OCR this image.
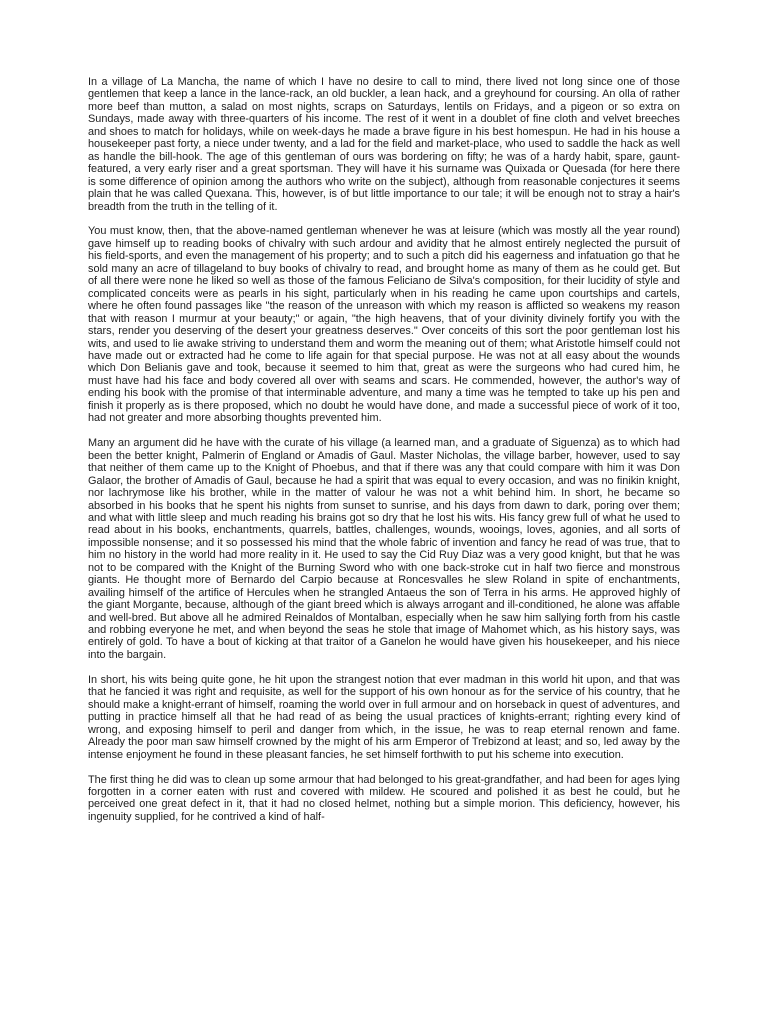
In a village of La Mancha, the name of which I have no desire to call to mind, there lived not long since one of those gentlemen that keep a lance in the lance-rack, an old buckler, a lean hack, and a greyhound for coursing. An olla of rather more beef than mutton, a salad on most nights, scraps on Saturdays, lentils on Fridays, and a pigeon or so extra on Sundays, made away with three-quarters of his income. The rest of it went in a doublet of fine cloth and velvet breeches and shoes to match for holidays, while on week-days he made a brave figure in his best homespun. He had in his house a housekeeper past forty, a niece under twenty, and a lad for the field and market-place, who used to saddle the hack as well as handle the bill-hook. The age of this gentleman of ours was bordering on fifty; he was of a hardy habit, spare, gaunt-featured, a very early riser and a great sportsman. They will have it his surname was Quixada or Quesada (for here there is some difference of opinion among the authors who write on the subject), although from reasonable conjectures it seems plain that he was called Quexana. This, however, is of but little importance to our tale; it will be enough not to stray a hair's breadth from the truth in the telling of it.

You must know, then, that the above-named gentleman whenever he was at leisure (which was mostly all the year round) gave himself up to reading books of chivalry with such ardour and avidity that he almost entirely neglected the pursuit of his field-sports, and even the management of his property; and to such a pitch did his eagerness and infatuation go that he sold many an acre of tillageland to buy books of chivalry to read, and brought home as many of them as he could get. But of all there were none he liked so well as those of the famous Feliciano de Silva's composition, for their lucidity of style and complicated conceits were as pearls in his sight, particularly when in his reading he came upon courtships and cartels, where he often found passages like "the reason of the unreason with which my reason is afflicted so weakens my reason that with reason I murmur at your beauty;" or again, "the high heavens, that of your divinity divinely fortify you with the stars, render you deserving of the desert your greatness deserves." Over conceits of this sort the poor gentleman lost his wits, and used to lie awake striving to understand them and worm the meaning out of them; what Aristotle himself could not have made out or extracted had he come to life again for that special purpose. He was not at all easy about the wounds which Don Belianis gave and took, because it seemed to him that, great as were the surgeons who had cured him, he must have had his face and body covered all over with seams and scars. He commended, however, the author's way of ending his book with the promise of that interminable adventure, and many a time was he tempted to take up his pen and finish it properly as is there proposed, which no doubt he would have done, and made a successful piece of work of it too, had not greater and more absorbing thoughts prevented him.

Many an argument did he have with the curate of his village (a learned man, and a graduate of Siguenza) as to which had been the better knight, Palmerin of England or Amadis of Gaul. Master Nicholas, the village barber, however, used to say that neither of them came up to the Knight of Phoebus, and that if there was any that could compare with him it was Don Galaor, the brother of Amadis of Gaul, because he had a spirit that was equal to every occasion, and was no finikin knight, nor lachrymose like his brother, while in the matter of valour he was not a whit behind him. In short, he became so absorbed in his books that he spent his nights from sunset to sunrise, and his days from dawn to dark, poring over them; and what with little sleep and much reading his brains got so dry that he lost his wits. His fancy grew full of what he used to read about in his books, enchantments, quarrels, battles, challenges, wounds, wooings, loves, agonies, and all sorts of impossible nonsense; and it so possessed his mind that the whole fabric of invention and fancy he read of was true, that to him no history in the world had more reality in it. He used to say the Cid Ruy Diaz was a very good knight, but that he was not to be compared with the Knight of the Burning Sword who with one back-stroke cut in half two fierce and monstrous giants. He thought more of Bernardo del Carpio because at Roncesvalles he slew Roland in spite of enchantments, availing himself of the artifice of Hercules when he strangled Antaeus the son of Terra in his arms. He approved highly of the giant Morgante, because, although of the giant breed which is always arrogant and ill-conditioned, he alone was affable and well-bred. But above all he admired Reinaldos of Montalban, especially when he saw him sallying forth from his castle and robbing everyone he met, and when beyond the seas he stole that image of Mahomet which, as his history says, was entirely of gold. To have a bout of kicking at that traitor of a Ganelon he would have given his housekeeper, and his niece into the bargain.

In short, his wits being quite gone, he hit upon the strangest notion that ever madman in this world hit upon, and that was that he fancied it was right and requisite, as well for the support of his own honour as for the service of his country, that he should make a knight-errant of himself, roaming the world over in full armour and on horseback in quest of adventures, and putting in practice himself all that he had read of as being the usual practices of knights-errant; righting every kind of wrong, and exposing himself to peril and danger from which, in the issue, he was to reap eternal renown and fame. Already the poor man saw himself crowned by the might of his arm Emperor of Trebizond at least; and so, led away by the intense enjoyment he found in these pleasant fancies, he set himself forthwith to put his scheme into execution.

The first thing he did was to clean up some armour that had belonged to his great-grandfather, and had been for ages lying forgotten in a corner eaten with rust and covered with mildew. He scoured and polished it as best he could, but he perceived one great defect in it, that it had no closed helmet, nothing but a simple morion. This deficiency, however, his ingenuity supplied, for he contrived a kind of half-
